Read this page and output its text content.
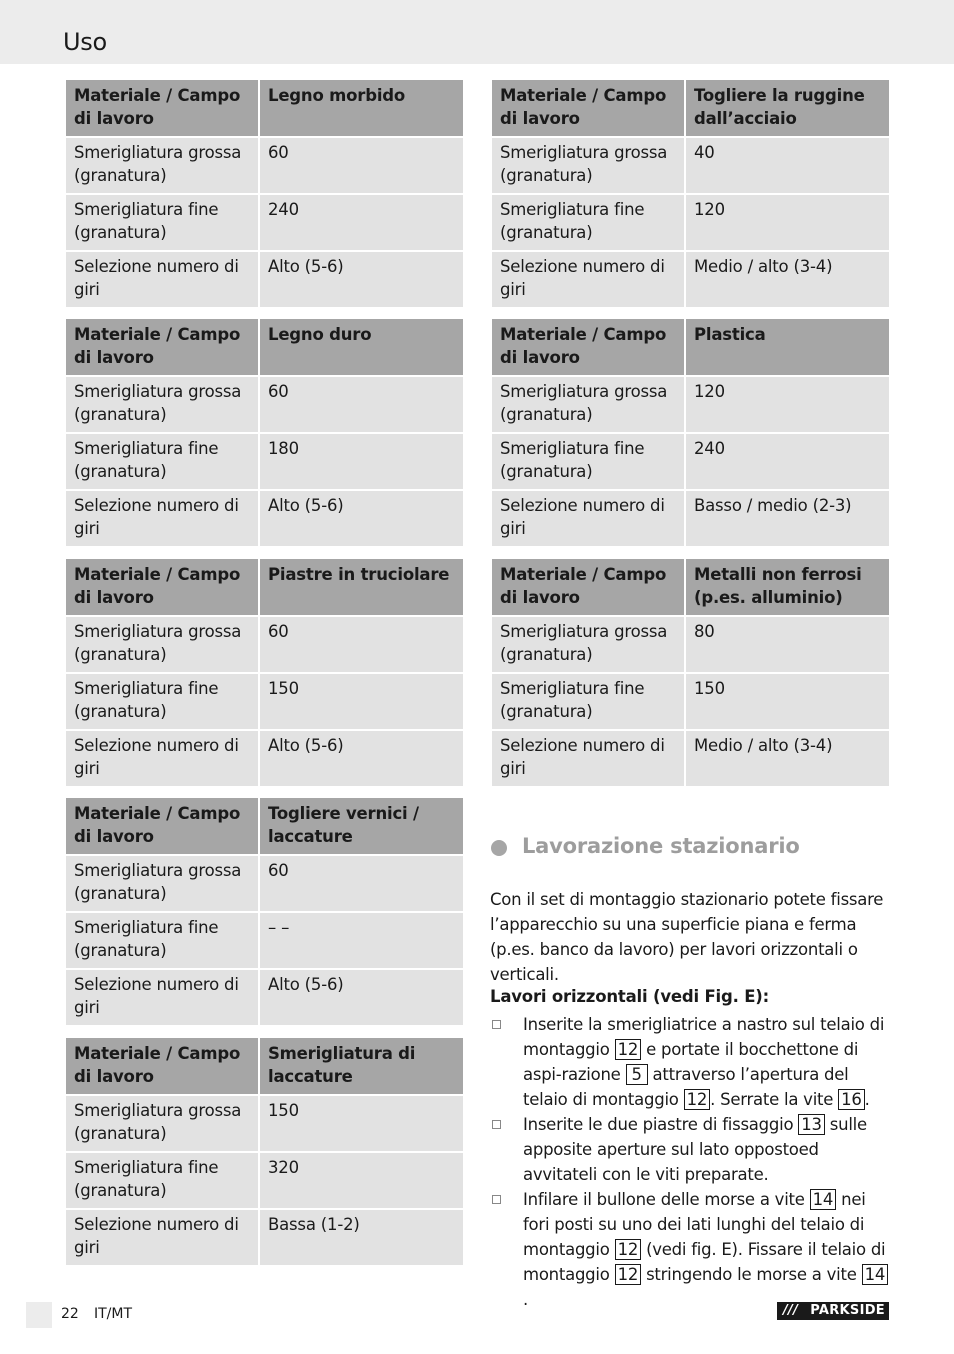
Uso
Materiale / Campo di lavoro	Legno morbido
Smerigliatura grossa (granatura)	60
Smerigliatura fine (granatura)	240
Selezione numero di giri	Alto (5-6)
Materiale / Campo di lavoro	Legno duro
Smerigliatura grossa (granatura)	60
Smerigliatura fine (granatura)	180
Selezione numero di giri	Alto (5-6)
Materiale / Campo di lavoro	Piastre in truciolare
Smerigliatura grossa (granatura)	60
Smerigliatura fine (granatura)	150
Selezione numero di giri	Alto (5-6)
Materiale / Campo di lavoro	Togliere vernici / laccature
Smerigliatura grossa (granatura)	60
Smerigliatura fine (granatura)	– –
Selezione numero di giri	Alto (5-6)
Materiale / Campo di lavoro	Smerigliatura di laccature
Smerigliatura grossa (granatura)	150
Smerigliatura fine (granatura)	320
Selezione numero di giri	Bassa (1-2)
Materiale / Campo di lavoro	Togliere la ruggine dall’acciaio
Smerigliatura grossa (granatura)	40
Smerigliatura fine (granatura)	120
Selezione numero di giri	Medio / alto (3-4)
Materiale / Campo di lavoro	Plastica
Smerigliatura grossa (granatura)	120
Smerigliatura fine (granatura)	240
Selezione numero di giri	Basso / medio (2-3)
Materiale / Campo di lavoro	Metalli non ferrosi (p.es. alluminio)
Smerigliatura grossa (granatura)	80
Smerigliatura fine (granatura)	150
Selezione numero di giri	Medio / alto (3-4)
Lavorazione stazionario
Con il set di montaggio stazionario potete fissare l’apparecchio su una superficie piana e ferma (p.es. banco da lavoro) per lavori orizzontali o verticali.
Lavori orizzontali (vedi Fig. E):
Inserite la smerigliatrice a nastro sul telaio di montaggio 12 e portate il bocchettone di aspi-razione 5 attraverso l’apertura del telaio di montaggio 12 . Serrate la vite 16 .
Inserite le due piastre di fissaggio 13 sulle apposite aperture sul lato oppostoed avvitateli con le viti preparate.
Infilare il bullone delle morse a vite 14 nei fori posti su uno dei lati lunghi del telaio di montaggio 12 (vedi fig. E). Fissare il telaio di montaggio 12 stringendo le morse a vite 14.
22 IT/MT	/// PARKSIDE
